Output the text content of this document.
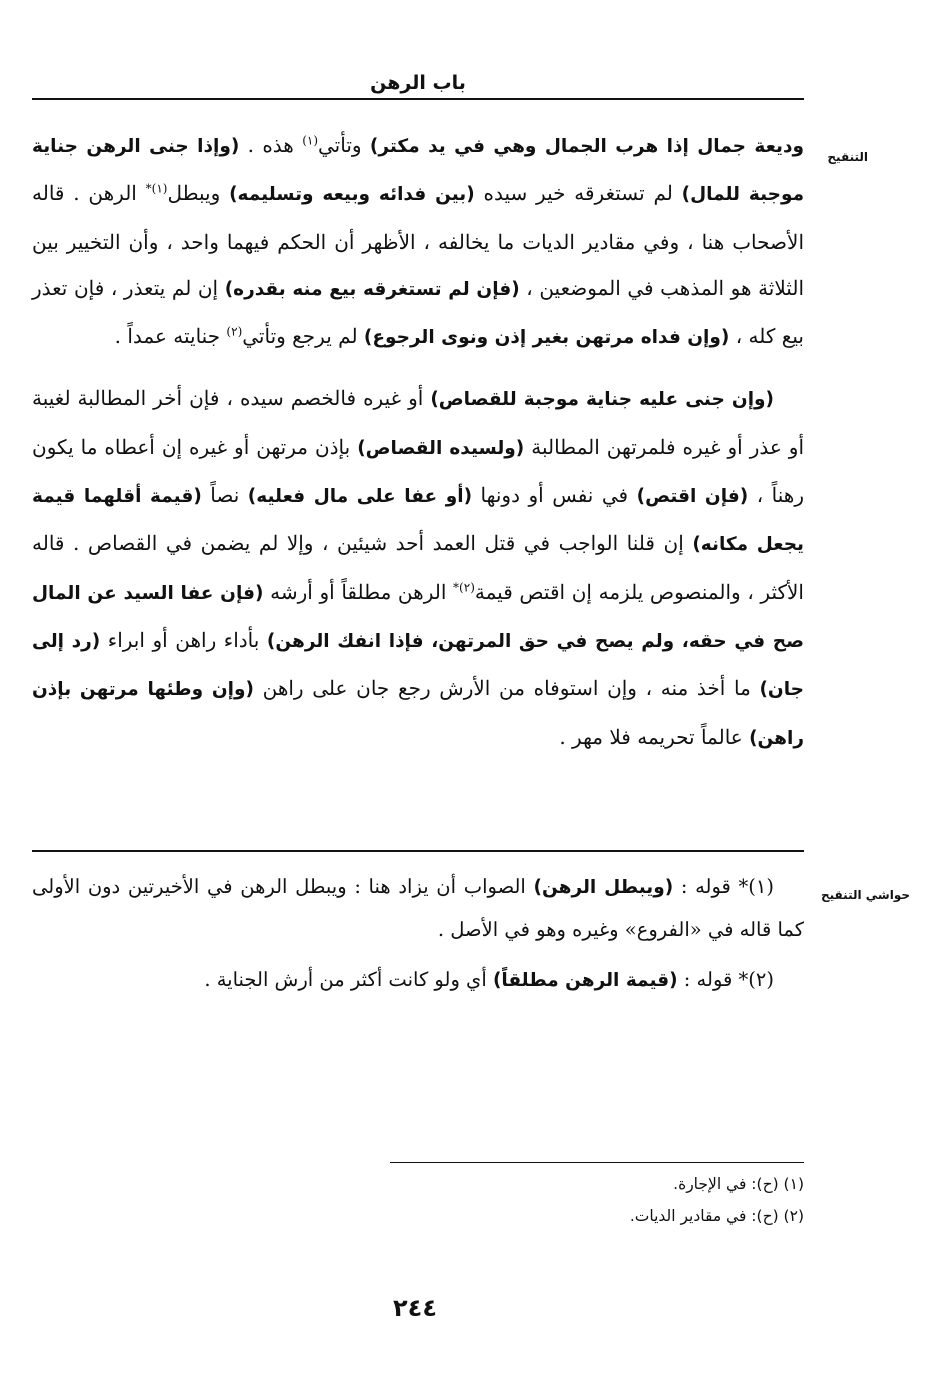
باب الرهن
التنقيح

وديعة جمال إذا هرب الجمال وهي في يد مكتر) وتأتي$^{(١)}$ هذه . (وإذا جنى الرهن جناية موجبة للمال) لم تستغرقه خير سيده (بين فدائه وبيعه وتسليمه) ويبطل$^{(١)*}$ الرهن . قاله الأصحاب هنا ، وفي مقادير الديات ما يخالفه ، الأظهر أن الحكم فيهما واحد ، وأن التخيير بين الثلاثة هو المذهب في الموضعين ، (فإن لم تستغرقه بيع منه بقدره) إن لم يتعذر ، فإن تعذر بيع كله ، (وإن فداه مرتهن بغير إذن ونوى الرجوع) لم يرجع وتأتي$^{(٢)}$ جنايته عمداً .

(وإن جنى عليه جناية موجبة للقصاص) أو غيره فالخصم سيده ، فإن أخر المطالبة لغيبة أو عذر أو غيره فلمرتهن المطالبة (ولسيده القصاص) بإذن مرتهن أو غيره إن أعطاه ما يكون رهناً ، (فإن اقتص) في نفس أو دونها (أو عفا على مال فعليه) نصاً (قيمة أقلهما قيمة يجعل مكانه) إن قلنا الواجب في قتل العمد أحد شيئين ، وإلا لم يضمن في القصاص . قاله الأكثر ، والمنصوص يلزمه إن اقتص قيمة$^{(٢)*}$ الرهن مطلقاً أو أرشه (فإن عفا السيد عن المال صح في حقه، ولم يصح في حق المرتهن، فإذا انفك الرهن) بأداء راهن أو ابراء (رد إلى جان) ما أخذ منه ، وإن استوفاه من الأرش رجع جان على راهن (وإن وطئها مرتهن بإذن راهن) عالماً تحريمه فلا مهر .

حواشي التنقيح

(١)* قوله : (ويبطل الرهن) الصواب أن يزاد هنا : ويبطل الرهن في الأخيرتين دون الأولى كما قاله في «الفروع» وغيره وهو في الأصل .

(٢)* قوله : (قيمة الرهن مطلقاً) أي ولو كانت أكثر من أرش الجناية .

(١) (ح): في الإجارة.
(٢) (ح): في مقادير الديات.
٢٤٤
